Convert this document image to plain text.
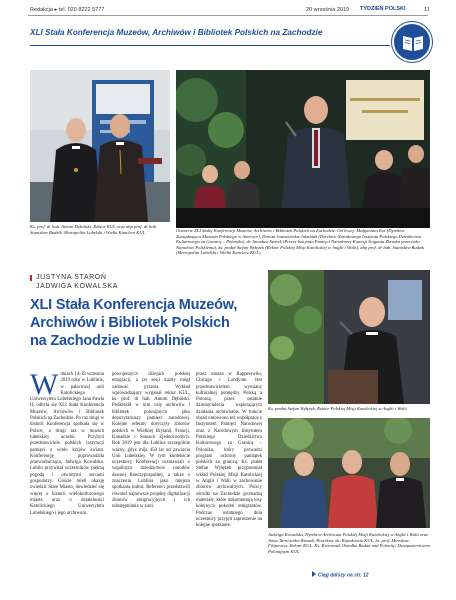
Redakcja ▸ tel. 020 8222 5777	20 września 2019 TYDZIEŃ POLSKI	11
XLI Stała Konferencja Muzeów, Archiwów i Bibliotek Polskich na Zachodzie
Ks. prof. dr hab. Antoni Dębiński, Rektor KUL oraz abp prof. dr hab. Stanisław Budzik, Metropolita Lubelski i Wielki Kanclerz KUL	Otwarcie XLI Stałej Konferencji Muzeów, Archiwów i Bibliotek Polskich na Zachodzie. Od lewej: Małgorzata Kot (Dyrektor Zarządzająca Muzeum Polskiego w Ameryce), Dorota Janiszewska-Jakubiak (Dyrektor Narodowego Instytutu Polskiego Dziedzictwa Kulturowego za Granicą – Polonika), dr Jarosław Szarek (Prezes Instytutu Pamięci Narodowej-Komisji Ścigania Zbrodni przeciwko Narodowi Polskiemu), ks. prałat Stefan Wyłężek (Rektor Polskiej Misji Katolickiej w Anglii i Walii), abp prof. dr hab. Stanisław Budzik (Metropolita Lubelski i Wielki Kanclerz KUL)
JUSTYNA STAROŃ
JADWIGA KOWALSKA
XLI Stała Konferencja Muzeów,
Archiwów i Bibliotek Polskich
na Zachodzie w Lublinie
Ks. prałat Stefan Wyłężek, Rektor Polskiej Misji Katolickiej w Anglii i Walii
Jadwiga Kowalska, Dyrektor Archiwum Polskiej Misji Katolickiej w Anglii i Walii oraz Anna Tarnowska-Waszak, Prorektor ds. Kształcenia KUL, ks. prof. Mirosław Filipowicz, Rektor KUL. Ks. Kierownik Ośrodka Badań nad Polonią i Duszpasterstwem Polonijnym KUL
W dniach 14-18 września 2019 roku w Lublinie, w pałacowej auli Katolickiego Uniwersytetu Lubelskiego Jana Pawła II, odbyła się XLI Stała Konferencja Muzeów, Archiwów i Bibliotek Polskich na Zachodzie. Po raz drugi w historii Konferencja spotkała się w Polsce, a drugi raz w murach lubelskiej uczelni. Przybyli przedstawiciele polskich instytucji pamięci z wielu krajów świata. Konferencję poprowadziła przewodnicząca, Jadwiga Kowalska. Lublin przywitał uczestników piękną pogodą i otwartymi sercami gospodarzy. Goście mieli okazję zwiedzić Stare Miasto, dowiedzieć się więcej o historii wielokulturowego miasta oraz o działalności Katolickiego Uniwersytetu Lubelskiego i jego archiwum.
powojennych dziejach polskiej emigracji, a po sesji każdy mógł zadawać pytania. Wykład wprowadzający wygłosił rektor KUL, ks. prof. dr hab. Antoni Dębiński. Podkreślił w nim rolę archiwów i bibliotek polonijnych jako depozytariuszy pamięci narodowej. Kolejne referaty dotyczyły zbiorów polskich w Wielkiej Brytanii, Francji, Kanadzie i Stanach Zjednoczonych. Rok 2019 jest dla Lublina szczególnie ważny, gdyż mija 450 lat od zawarcia Unii Lubelskiej. W tym kontekście uczestnicy Konferencji rozmawiali o wspólnym dziedzictwie narodów dawnej Rzeczypospolitej, a także o znaczeniu Lublina jako miejsca spotkania kultur. Referenci przedstawili również najnowsze projekty digitalizacji zbiorów emigracyjnych i ich udostępniania w sieci.
przez muzea w Rapperswilu, Chicago i Londynie. Jest przedstawicielem wymiany kulturalnej pomiędzy Polską a Polonią, przez ostatnie dziesięciolecia wspierającym działania archiwistów. W trakcie obrad omówiono też współpracę z Instytutem Pamięci Narodowej oraz z Narodowym Instytutem Polskiego Dziedzictwa Kulturowego za Granicą – Polonika, który prowadzi program ochrony pamiątek polskich za granicą. Ks. prałat Stefan Wyłężek przypomniał wkład Polskiej Misji Katolickiej w Anglii i Walii w zachowanie zbiorów archiwalnych. Polscy ośrodki na Zachodzie gromadzą materiały, które dokumentują losy kolejnych pokoleń emigrantów. Podczas ostatniego dnia uczestnicy przyjęli zaproszenie na kolejne spotkanie.
Ciąg dalszy na str. 12
